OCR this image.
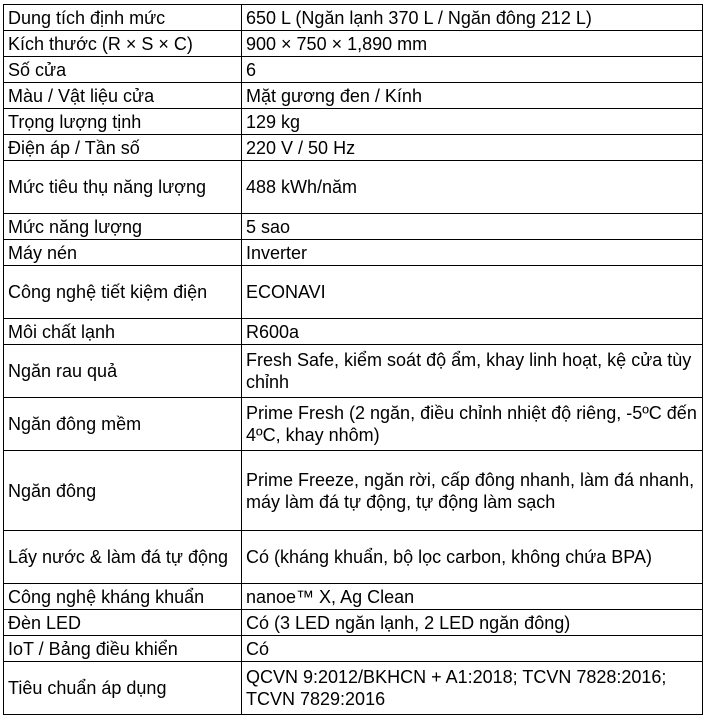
Dung tích định mức	650 L (Ngăn lạnh 370 L / Ngăn đông 212 L)
Kích thước (R × S × C)	900 × 750 × 1,890 mm
Số cửa	6
Màu / Vật liệu cửa	Mặt gương đen / Kính
Trọng lượng tịnh	129 kg
Điện áp / Tần số	220 V / 50 Hz
Mức tiêu thụ năng lượng	488 kWh/năm
Mức năng lượng	5 sao
Máy nén	Inverter
Công nghệ tiết kiệm điện	ECONAVI
Môi chất lạnh	R600a
Ngăn rau quả	Fresh Safe, kiểm soát độ ẩm, khay linh hoạt, kệ cửa tùy chỉnh
Ngăn đông mềm	Prime Fresh (2 ngăn, điều chỉnh nhiệt độ riêng, -5ºC đến 4ºC, khay nhôm)
Ngăn đông	Prime Freeze, ngăn rời, cấp đông nhanh, làm đá nhanh, máy làm đá tự động, tự động làm sạch
Lấy nước & làm đá tự động	Có (kháng khuẩn, bộ lọc carbon, không chứa BPA)
Công nghệ kháng khuẩn	nanoe™ X, Ag Clean
Đèn LED	Có (3 LED ngăn lạnh, 2 LED ngăn đông)
IoT / Bảng điều khiển	Có
Tiêu chuẩn áp dụng	QCVN 9:2012/BKHCN + A1:2018; TCVN 7828:2016; TCVN 7829:2016
